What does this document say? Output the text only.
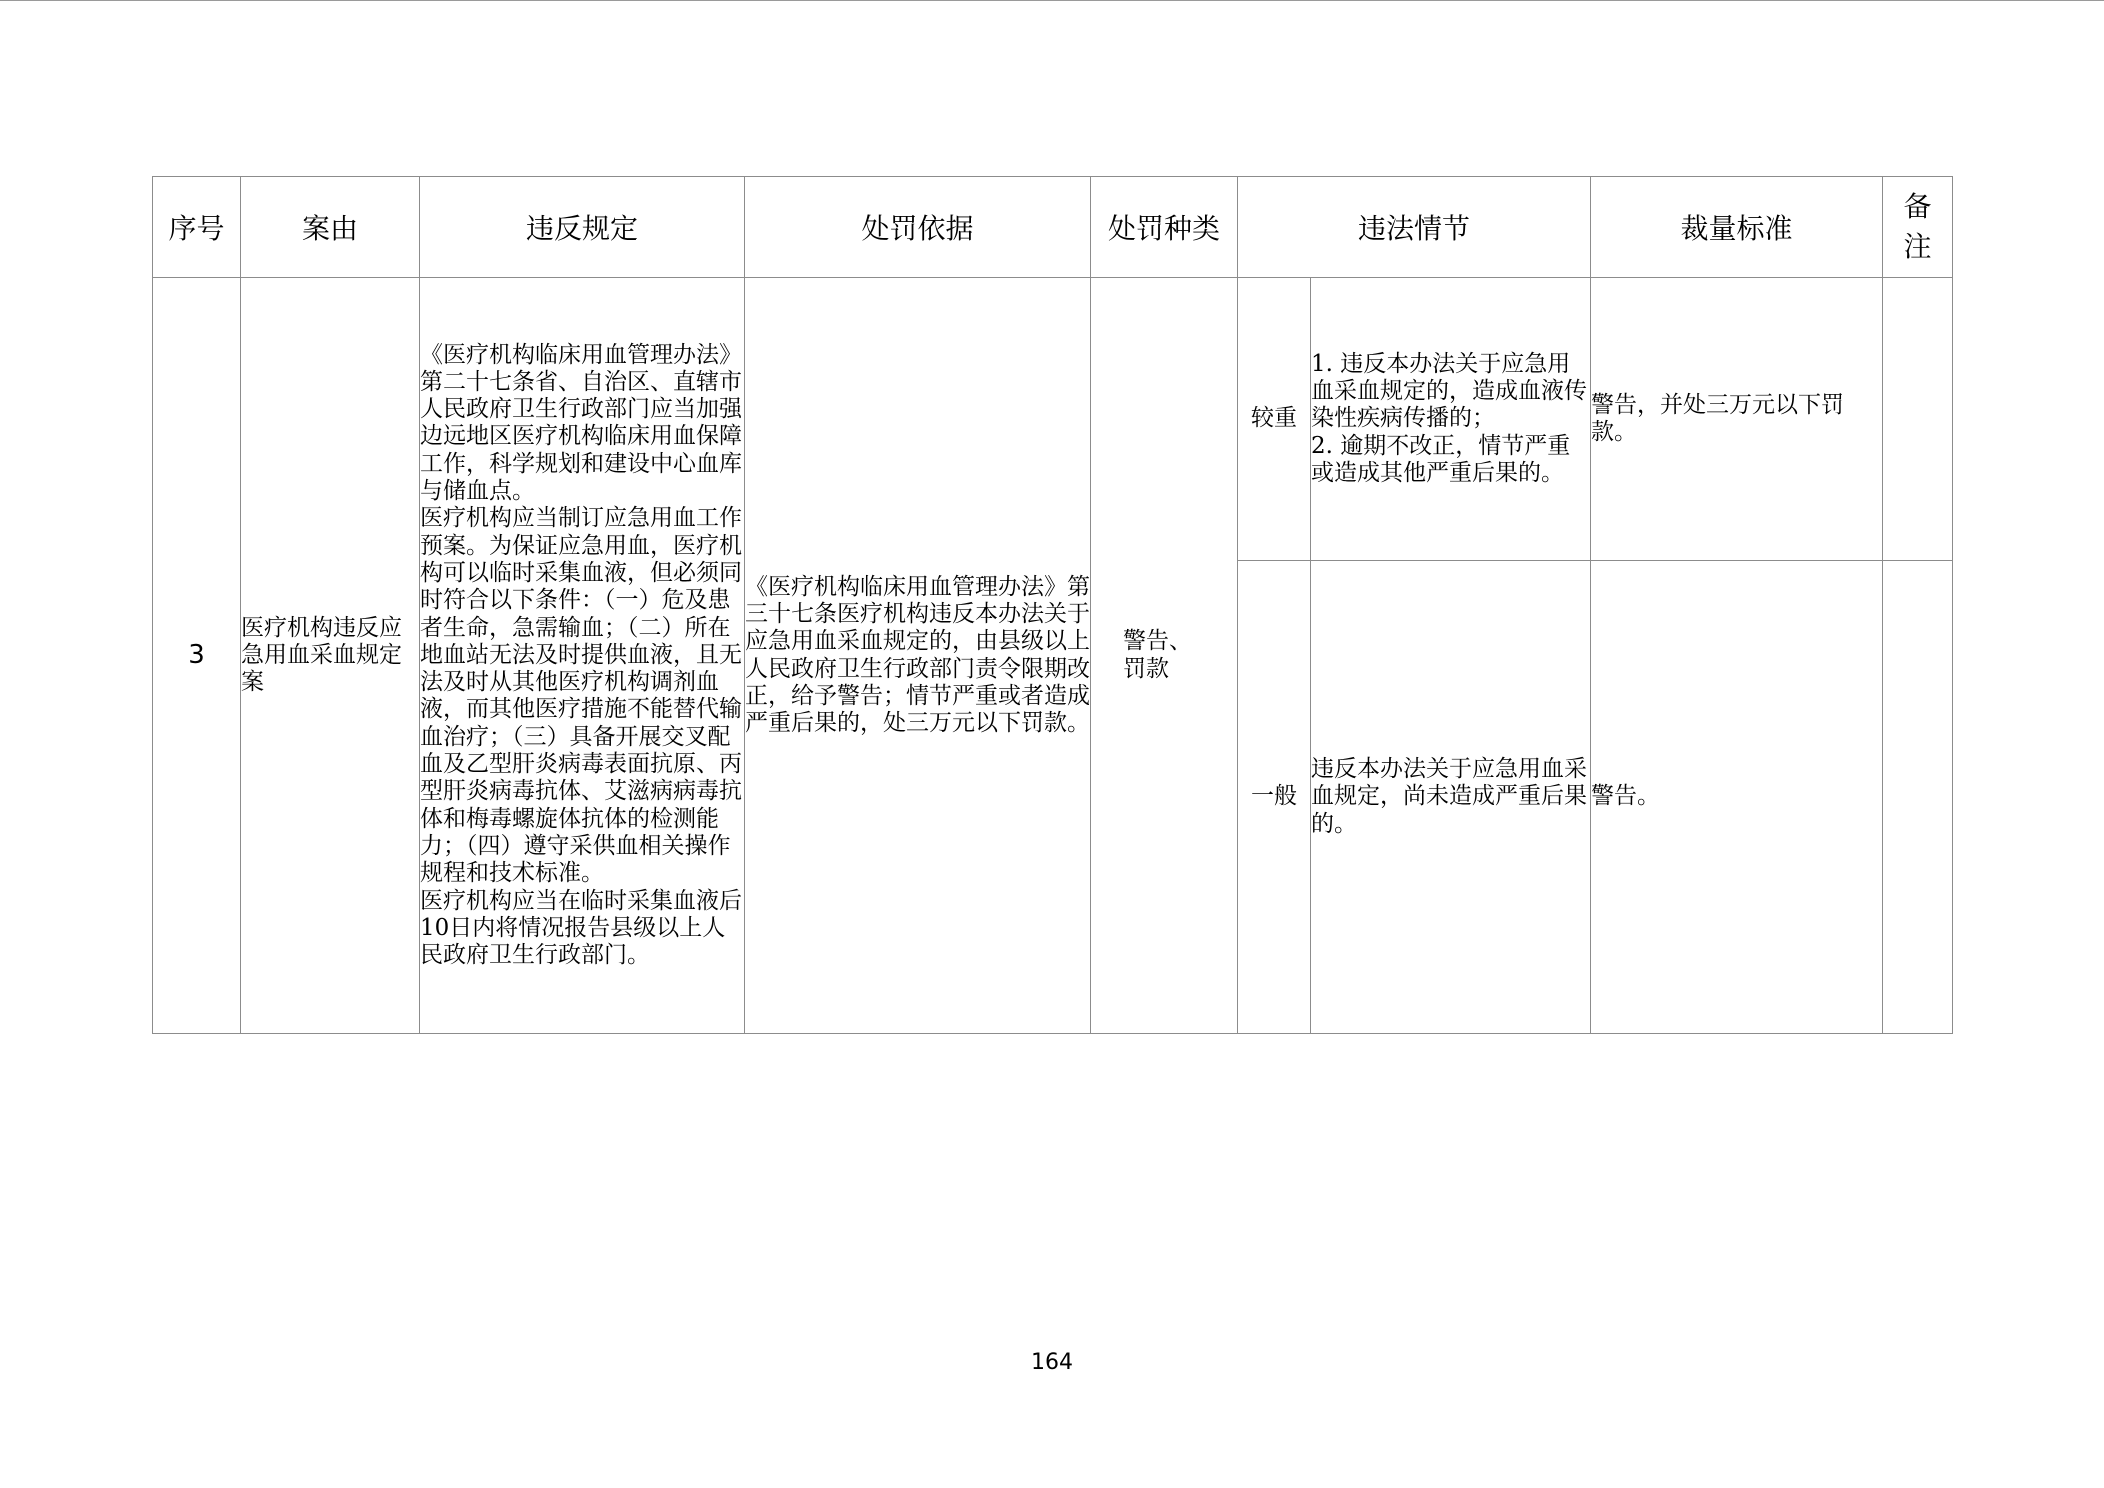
序号	案由	违反规定	处罚依据	处罚种类	违法情节		裁量标准	备
注

3	医疗机构违反应急用血采血规定案	《医疗机构临床用血管理办法》第二十七条省、自治区、直辖市人民政府卫生行政部门应当加强边远地区医疗机构临床用血保障工作，科学规划和建设中心血库与储血点。
医疗机构应当制订应急用血工作预案。为保证应急用血，医疗机构可以临时采集血液，但必须同时符合以下条件：（一）危及患者生命，急需输血；（二）所在地血站无法及时提供血液，且无法及时从其他医疗机构调剂血液，而其他医疗措施不能替代输血治疗；（三）具备开展交叉配血及乙型肝炎病毒表面抗原、丙型肝炎病毒抗体、艾滋病病毒抗体和梅毒螺旋体抗体的检测能力；（四）遵守采供血相关操作规程和技术标准。
医疗机构应当在临时采集血液后10日内将情况报告县级以上人民政府卫生行政部门。	《医疗机构临床用血管理办法》第三十七条医疗机构违反本办法关于应急用血采血规定的，由县级以上人民政府卫生行政部门责令限期改正，给予警告；情节严重或者造成严重后果的，处三万元以下罚款。	警告、罚款	较重	1. 违反本办法关于应急用血采血规定的，造成血液传染性疾病传播的；
2. 逾期不改正，情节严重或造成其他严重后果的。	警告，并处三万元以下罚款。	
					一般	违反本办法关于应急用血采血规定，尚未造成严重后果的。	警告。	
164
